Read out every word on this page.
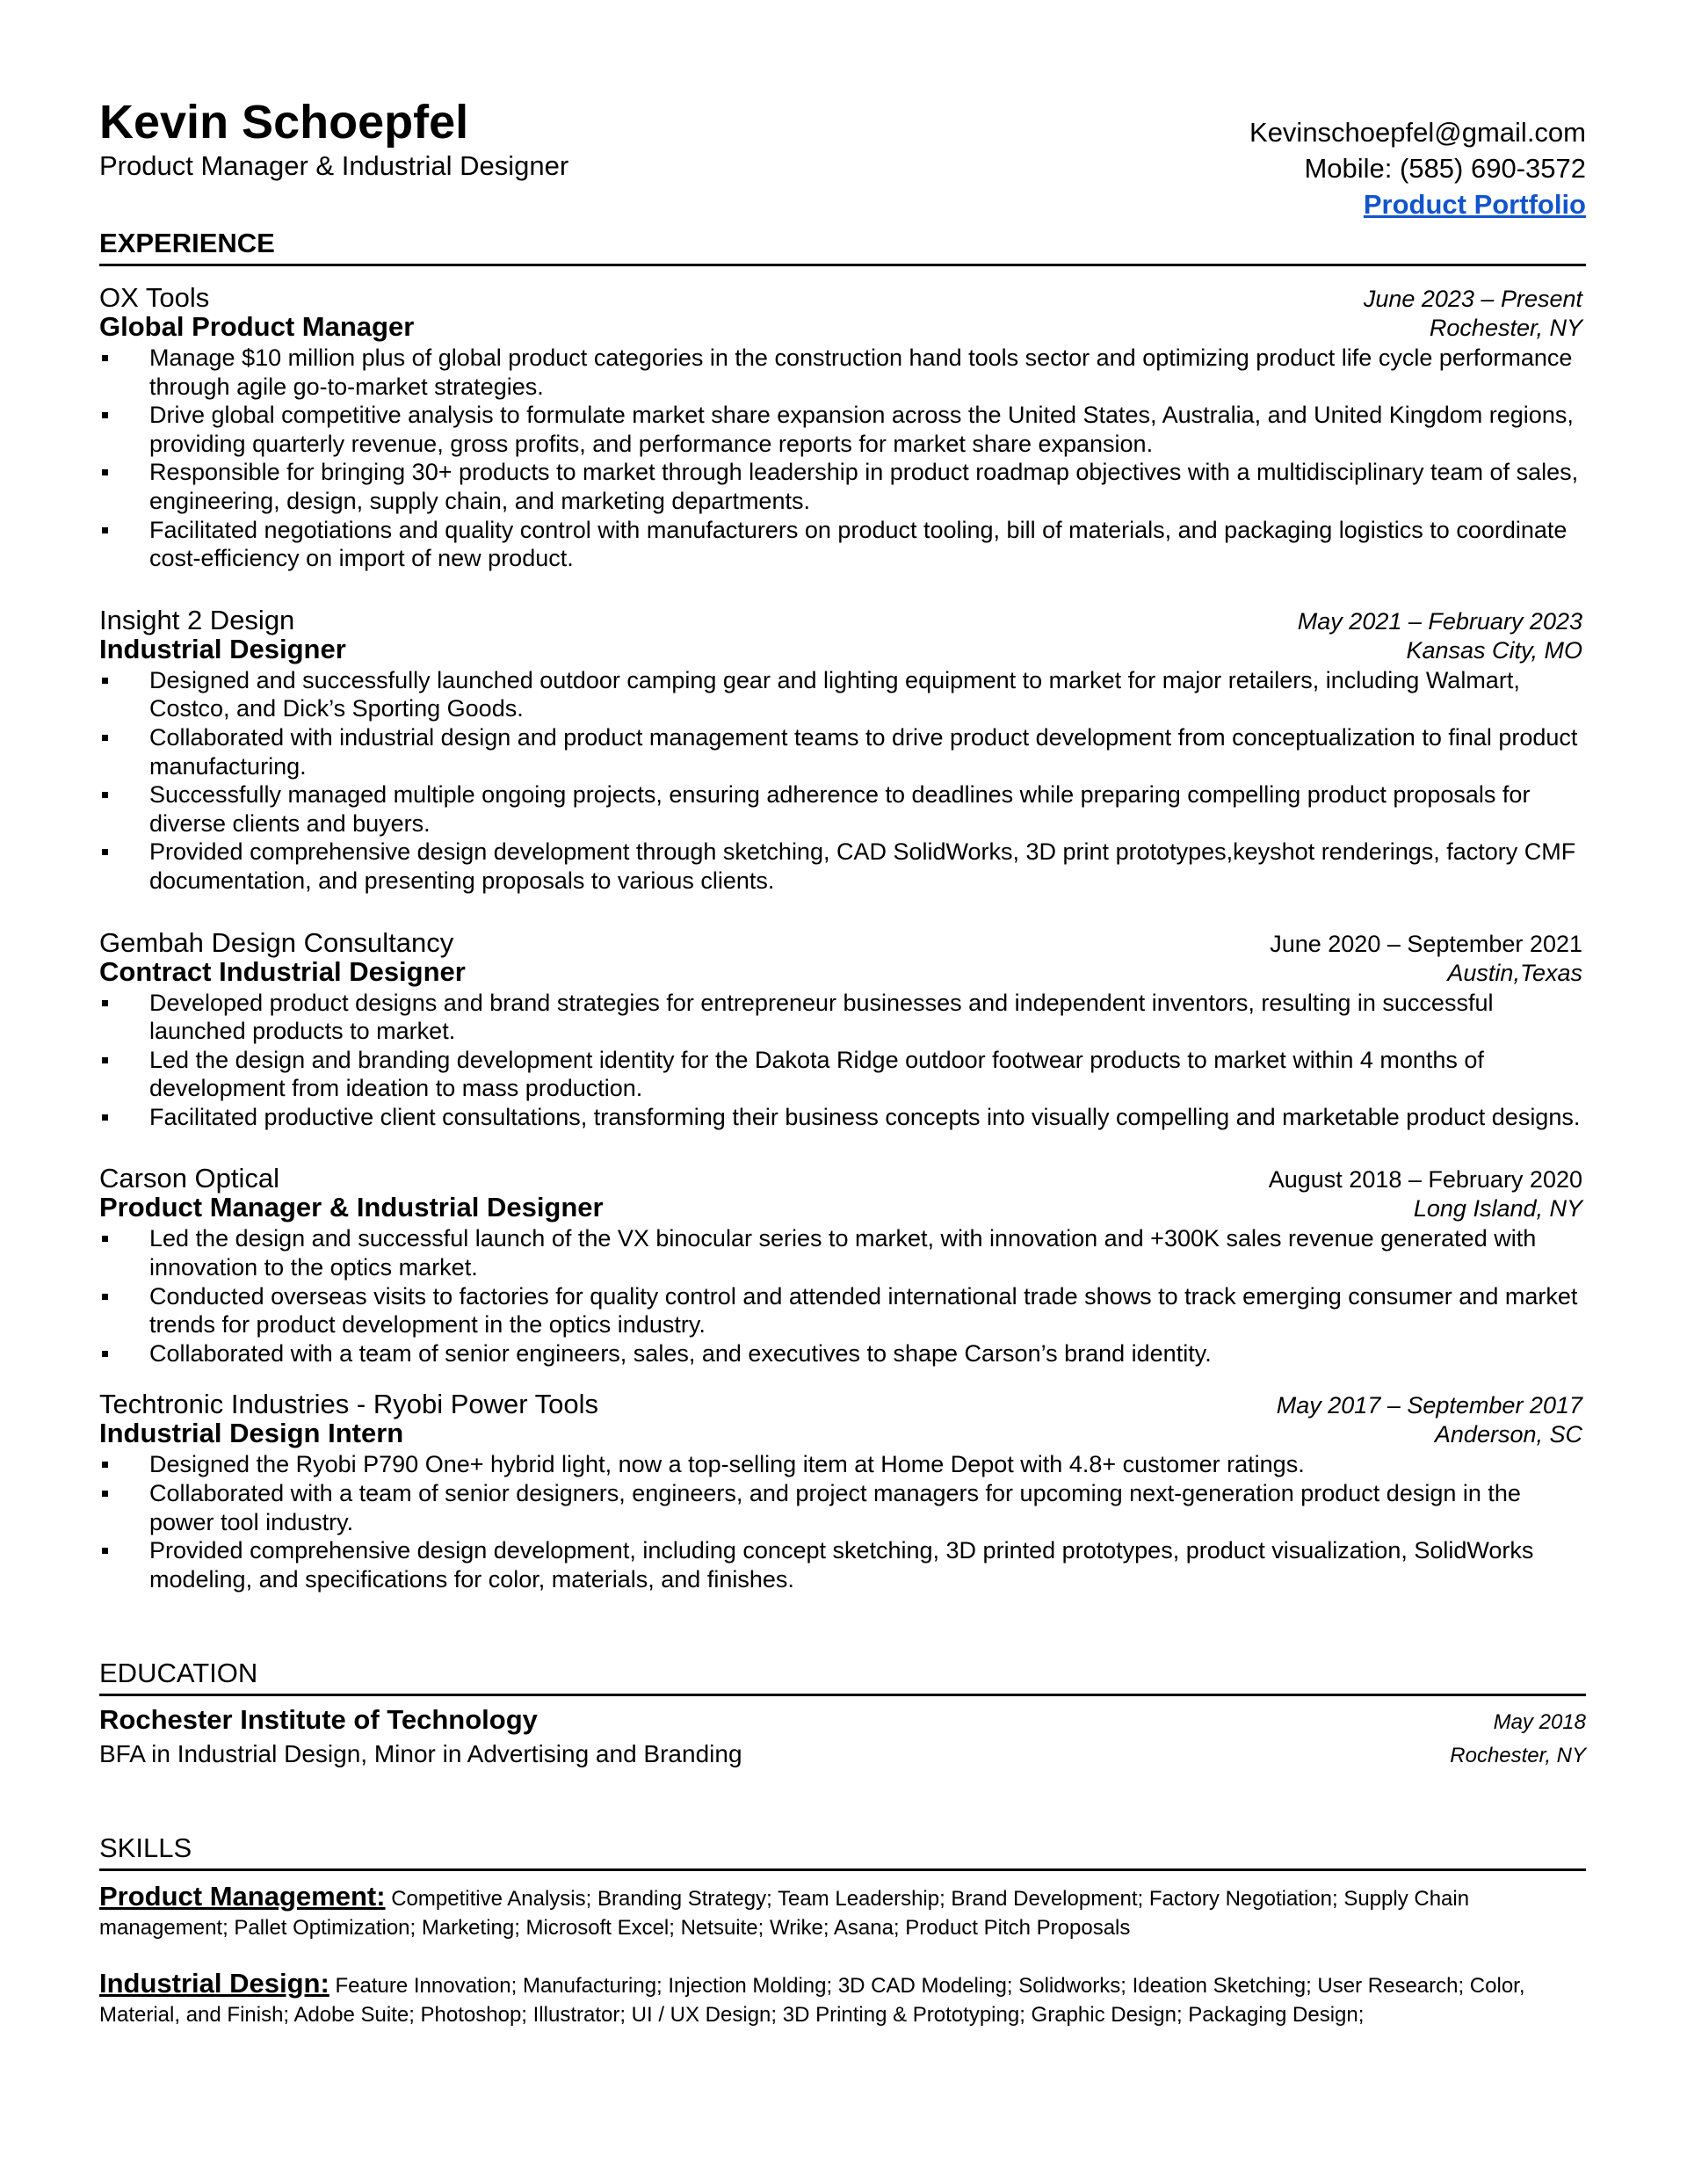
Kevin Schoepfel
Product Manager & Industrial Designer
Kevinschoepfel@gmail.com
Mobile: (585) 690-3572
Product Portfolio
EXPERIENCE
OX Tools	June 2023 – Present
Global Product Manager	Rochester, NY
Manage $10 million plus of global product categories in the construction hand tools sector and optimizing product life cycle performance through agile go-to-market strategies.
Drive global competitive analysis to formulate market share expansion across the United States, Australia, and United Kingdom regions, providing quarterly revenue, gross profits, and performance reports for market share expansion.
Responsible for bringing 30+ products to market through leadership in product roadmap objectives with a multidisciplinary team of sales, engineering, design, supply chain, and marketing departments.
Facilitated negotiations and quality control with manufacturers on product tooling, bill of materials, and packaging logistics to coordinate cost-efficiency on import of new product.
Insight 2 Design	May 2021 – February 2023
Industrial Designer	Kansas City, MO
Designed and successfully launched outdoor camping gear and lighting equipment to market for major retailers, including Walmart, Costco, and Dick’s Sporting Goods.
Collaborated with industrial design and product management teams to drive product development from conceptualization to final product manufacturing.
Successfully managed multiple ongoing projects, ensuring adherence to deadlines while preparing compelling product proposals for diverse clients and buyers.
Provided comprehensive design development through sketching, CAD SolidWorks, 3D print prototypes,keyshot renderings, factory CMF documentation, and presenting proposals to various clients.
Gembah Design Consultancy	June 2020 – September 2021
Contract Industrial Designer	Austin,Texas
Developed product designs and brand strategies for entrepreneur businesses and independent inventors, resulting in successful launched products to market.
Led the design and branding development identity for the Dakota Ridge outdoor footwear products to market within 4 months of development from ideation to mass production.
Facilitated productive client consultations, transforming their business concepts into visually compelling and marketable product designs.
Carson Optical	August 2018 – February 2020
Product Manager & Industrial Designer	Long Island, NY
Led the design and successful launch of the VX binocular series to market, with innovation and +300K sales revenue generated with innovation to the optics market.
Conducted overseas visits to factories for quality control and attended international trade shows to track emerging consumer and market trends for product development in the optics industry.
Collaborated with a team of senior engineers, sales, and executives to shape Carson’s brand identity.
Techtronic Industries - Ryobi Power Tools	May 2017 – September 2017
Industrial Design Intern	Anderson, SC
Designed the Ryobi P790 One+ hybrid light, now a top-selling item at Home Depot with 4.8+ customer ratings.
Collaborated with a team of senior designers, engineers, and project managers for upcoming next-generation product design in the power tool industry.
Provided comprehensive design development, including concept sketching, 3D printed prototypes, product visualization, SolidWorks modeling, and specifications for color, materials, and finishes.
EDUCATION
Rochester Institute of Technology	May 2018
BFA in Industrial Design, Minor in Advertising and Branding	Rochester, NY
SKILLS
Product Management: Competitive Analysis; Branding Strategy; Team Leadership; Brand Development; Factory Negotiation; Supply Chain management; Pallet Optimization; Marketing; Microsoft Excel; Netsuite; Wrike; Asana; Product Pitch Proposals
Industrial Design: Feature Innovation; Manufacturing; Injection Molding; 3D CAD Modeling; Solidworks; Ideation Sketching; User Research; Color, Material, and Finish; Adobe Suite; Photoshop; Illustrator; UI / UX Design; 3D Printing & Prototyping; Graphic Design; Packaging Design;
